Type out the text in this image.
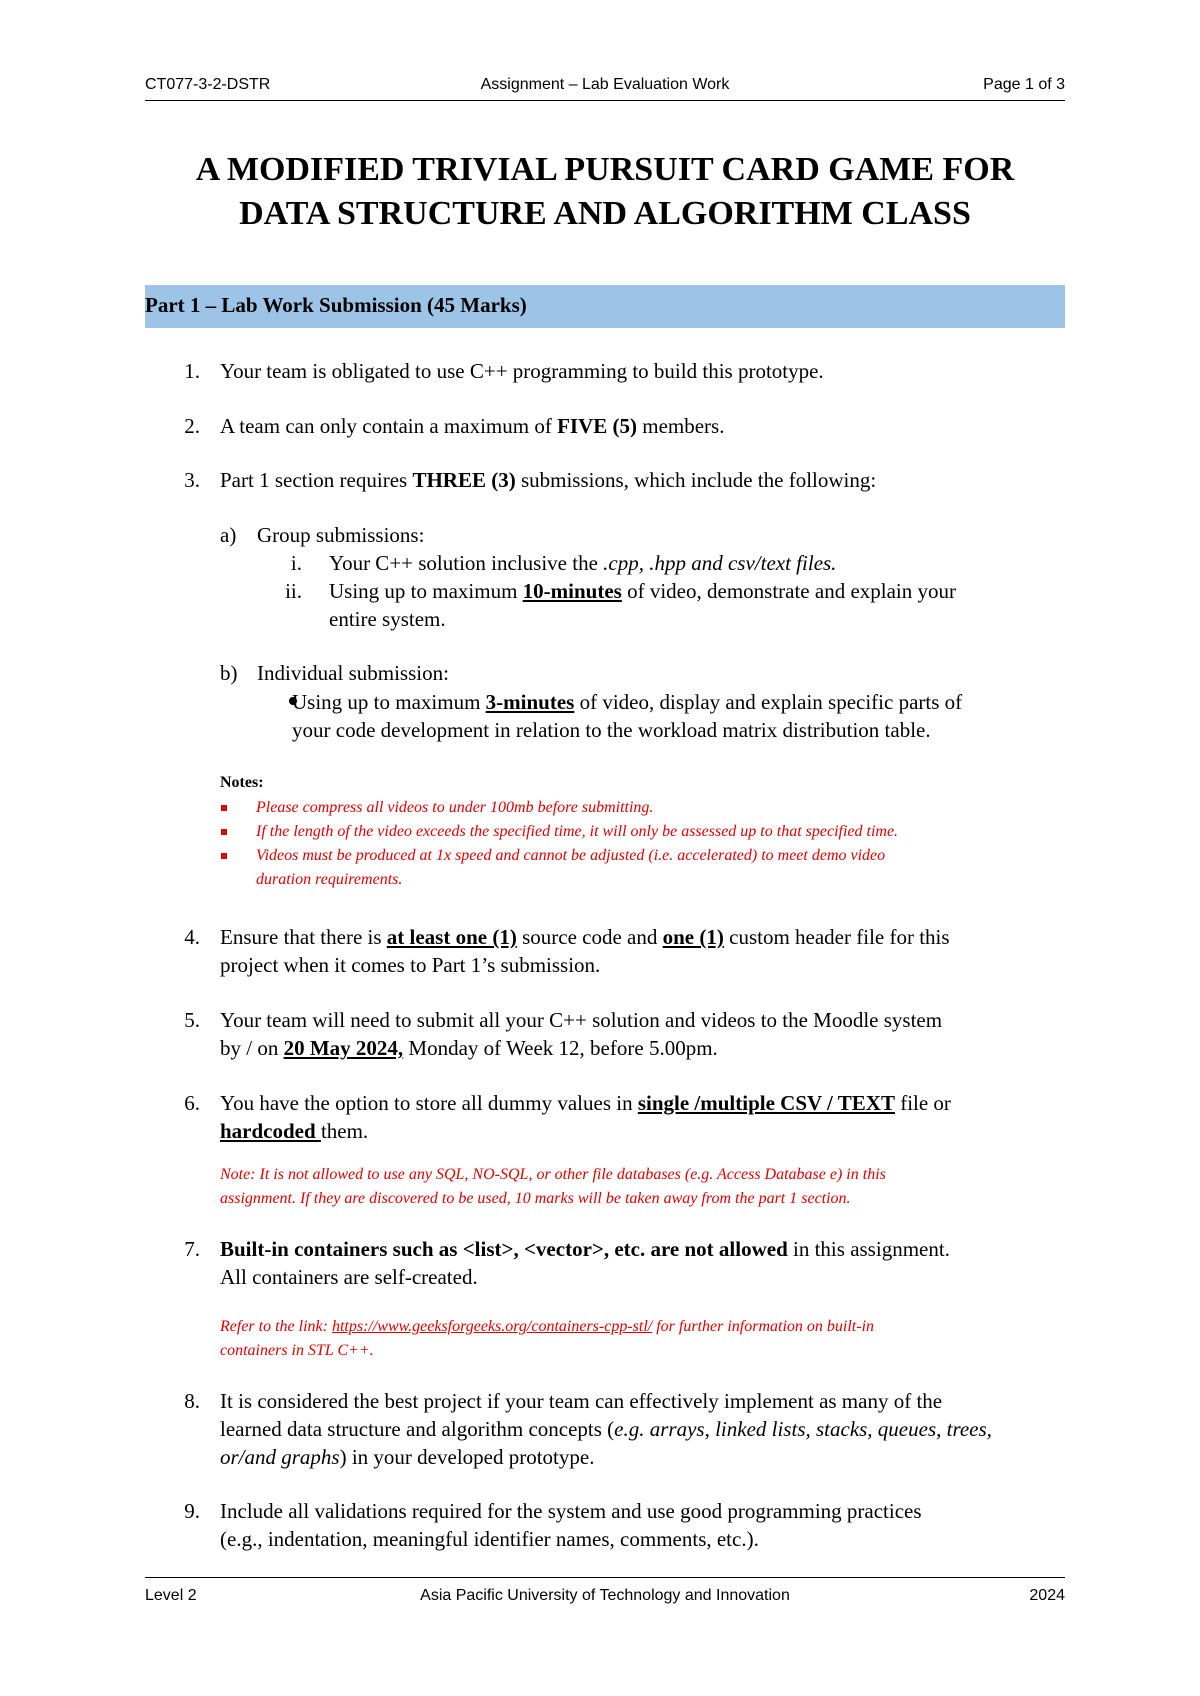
CT077-3-2-DSTR	Assignment – Lab Evaluation Work	Page 1 of 3
A MODIFIED TRIVIAL PURSUIT CARD GAME FOR
DATA STRUCTURE AND ALGORITHM CLASS
Part 1 – Lab Work Submission (45 Marks)
1. Your team is obligated to use C++ programming to build this prototype.
2. A team can only contain a maximum of FIVE (5) members.
3. Part 1 section requires THREE (3) submissions, which include the following:
a) Group submissions:
i. Your C++ solution inclusive the .cpp, .hpp and csv/text files.
ii. Using up to maximum 10-minutes of video, demonstrate and explain your
entire system.
b) Individual submission:
Using up to maximum 3-minutes of video, display and explain specific parts of
your code development in relation to the workload matrix distribution table.
Notes:
Please compress all videos to under 100mb before submitting.
If the length of the video exceeds the specified time, it will only be assessed up to that specified time.
Videos must be produced at 1x speed and cannot be adjusted (i.e. accelerated) to meet demo video
duration requirements.
4. Ensure that there is at least one (1) source code and one (1) custom header file for this
project when it comes to Part 1’s submission.
5. Your team will need to submit all your C++ solution and videos to the Moodle system
by / on 20 May 2024, Monday of Week 12, before 5.00pm.
6. You have the option to store all dummy values in single /multiple CSV / TEXT file or
hardcoded them.
Note: It is not allowed to use any SQL, NO-SQL, or other file databases (e.g. Access Database e) in this
assignment. If they are discovered to be used, 10 marks will be taken away from the part 1 section.
7. Built-in containers such as <list>, <vector>, etc. are not allowed in this assignment.
All containers are self-created.
Refer to the link: https://www.geeksforgeeks.org/containers-cpp-stl/ for further information on built-in
containers in STL C++.
8. It is considered the best project if your team can effectively implement as many of the
learned data structure and algorithm concepts (e.g. arrays, linked lists, stacks, queues, trees,
or/and graphs) in your developed prototype.
9. Include all validations required for the system and use good programming practices
(e.g., indentation, meaningful identifier names, comments, etc.).
Level 2	Asia Pacific University of Technology and Innovation	2024
